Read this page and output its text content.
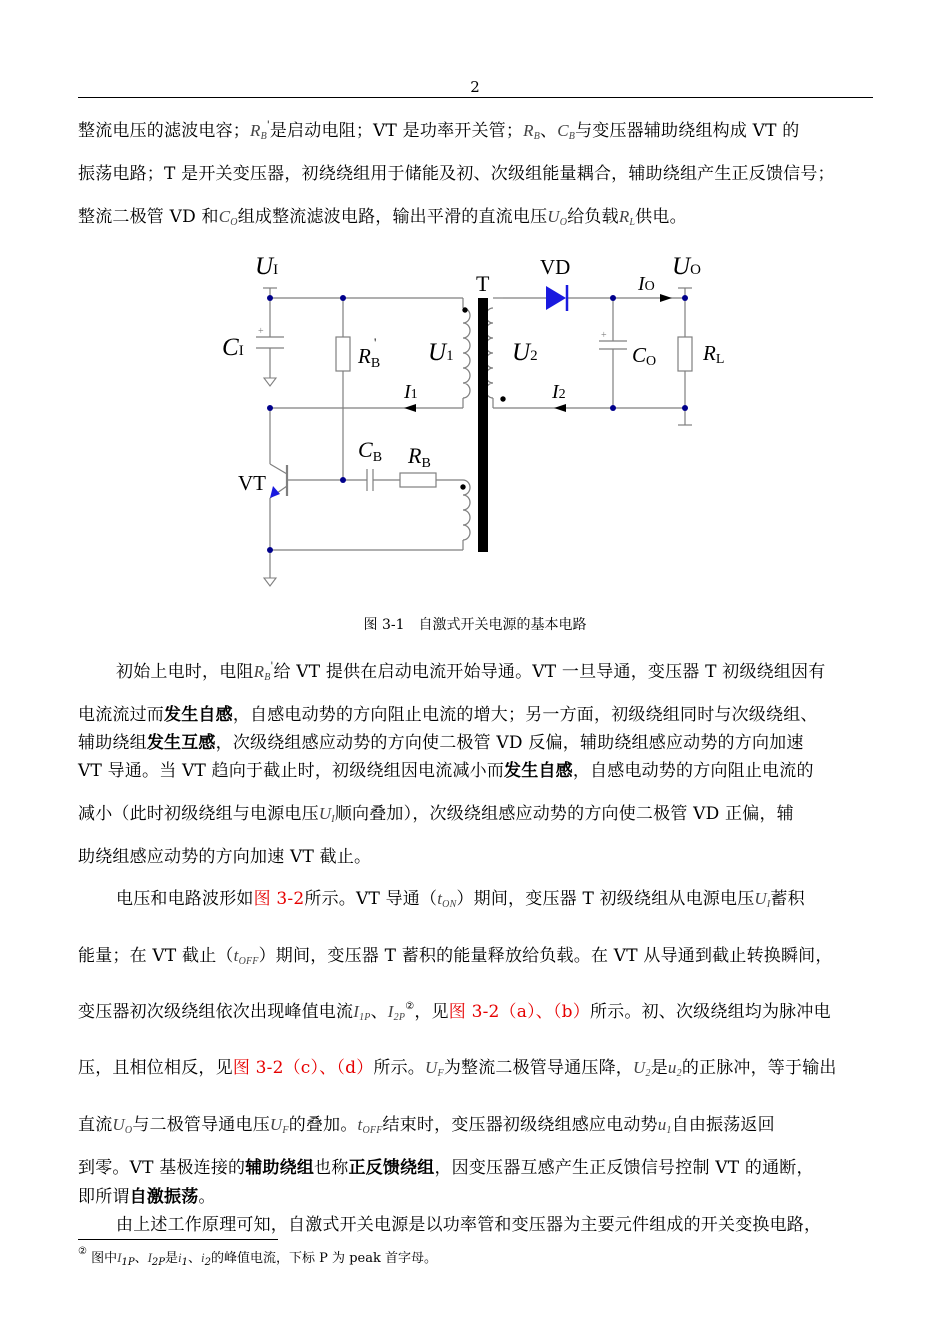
2
整流电压的滤波电容；$R_B'$是启动电阻；VT 是功率开关管；$R_B$、$C_B$与变压器辅助绕组构成 VT 的
振荡电路；T 是开关变压器，初绕绕组用于储能及初、次级组能量耦合，辅助绕组产生正反馈信号；
整流二极管 VD 和$C_O$组成整流滤波电路，输出平滑的直流电压$U_O$给负载$R_L$供电。
+	+
UI
CI	RB
' U1
I1
T
U2
I2
VD
IO
UO
CO RL
CB RB
VT
图 3-1　自激式开关电源的基本电路
初始上电时，电阻$R_B'$给 VT 提供在启动电流开始导通。VT 一旦导通，变压器 T 初级绕组因有
电流流过而发生自感，自感电动势的方向阻止电流的增大；另一方面，初级绕组同时与次级绕组、
辅助绕组发生互感，次级绕组感应动势的方向使二极管 VD 反偏，辅助绕组感应动势的方向加速
VT 导通。当 VT 趋向于截止时，初级绕组因电流减小而发生自感，自感电动势的方向阻止电流的
减小（此时初级绕组与电源电压$U_I$顺向叠加），次级绕组感应动势的方向使二极管 VD 正偏，辅
助绕组感应动势的方向加速 VT 截止。
电压和电路波形如图 3-2所示。VT 导通$(t_{ON})$期间，变压器 T 初级绕组从电源电压$U_I$蓄积
能量；在 VT 截止$(t_{OFF})$期间，变压器 T 蓄积的能量释放给负载。在 VT 从导通到截止转换瞬间，
变压器初次级绕组依次出现峰值电流$I_{1P}$、$I_{2P}^②$，见图 3-2（a）、（b）所示。初、次级绕组均为脉冲电
压，且相位相反，见图 3-2（c）、（d）所示。$U_F$为整流二极管导通压降，$U_2$是$u_2$的正脉冲，等于输出
直流$U_O$与二极管导通电压$U_F$的叠加。$t_{OFF}$结束时，变压器初级绕组感应电动势$u_1$自由振荡返回
到零。VT 基极连接的辅助绕组也称正反馈绕组，因变压器互感产生正反馈信号控制 VT 的通断，
即所谓自激振荡。
由上述工作原理可知，自激式开关电源是以功率管和变压器为主要元件组成的开关变换电路，
② 图中$I_{1P}$、$I_{2P}$是$i_1$、$i_2$的峰值电流，下标 P 为 peak 首字母。
